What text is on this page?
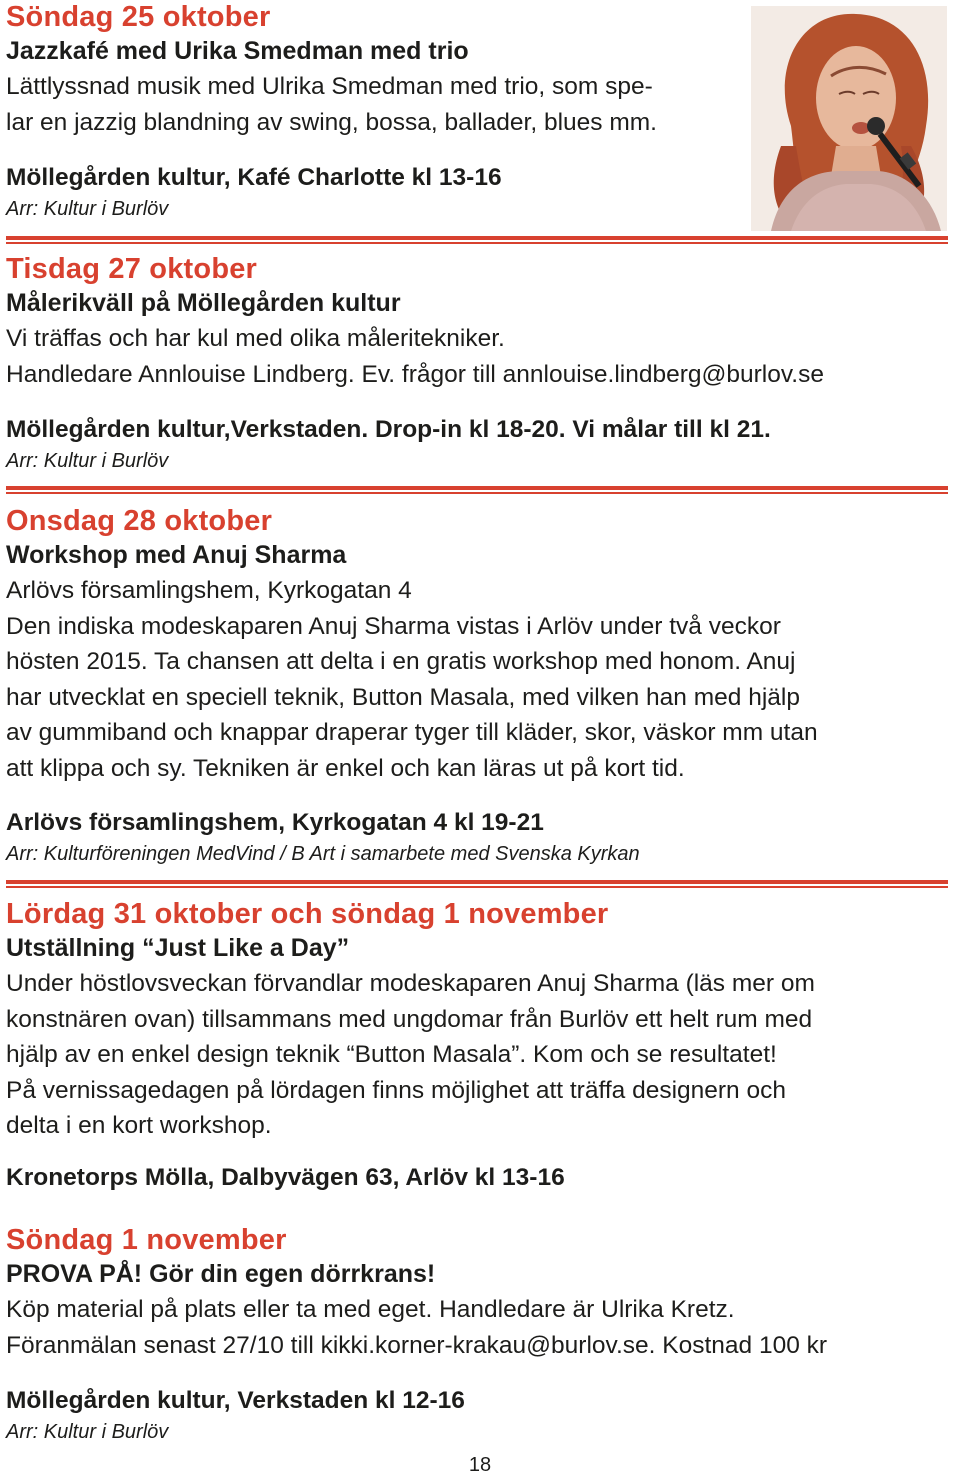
Söndag 25 oktober
Jazzkafé med Urika Smedman med trio
Lättlyssnad musik med Ulrika Smedman med trio, som spe-
lar en jazzig blandning av swing, bossa, ballader, blues mm.
Möllegården kultur, Kafé Charlotte kl 13-16
Arr: Kultur i Burlöv
Tisdag 27 oktober
Målerikväll på Möllegården kultur
Vi träffas och har kul med olika måleritekniker.
Handledare Annlouise Lindberg. Ev. frågor till annlouise.lindberg@burlov.se
Möllegården kultur,Verkstaden. Drop-in kl 18-20. Vi målar till kl 21.
Arr: Kultur i Burlöv
Onsdag 28 oktober
Workshop med Anuj Sharma
Arlövs församlingshem, Kyrkogatan 4
Den indiska modeskaparen Anuj Sharma vistas i Arlöv under två veckor
hösten 2015. Ta chansen att delta i en gratis workshop med honom. Anuj
har utvecklat en speciell teknik, Button Masala, med vilken han med hjälp
av gummiband och knappar draperar tyger till kläder, skor, väskor mm utan
att klippa och sy. Tekniken är enkel och kan läras ut på kort tid.
Arlövs församlingshem, Kyrkogatan 4 kl 19-21
Arr: Kulturföreningen MedVind / B Art i samarbete med Svenska Kyrkan
Lördag 31 oktober och söndag 1 november
Utställning “Just Like a Day”
Under höstlovsveckan förvandlar modeskaparen Anuj Sharma (läs mer om
konstnären ovan) tillsammans med ungdomar från Burlöv ett helt rum med
hjälp av en enkel design teknik “Button Masala”. Kom och se resultatet!
På vernissagedagen på lördagen finns möjlighet att träffa designern och
delta i en kort workshop.
Kronetorps Mölla, Dalbyvägen 63, Arlöv kl 13-16
Söndag 1 november
PROVA PÅ! Gör din egen dörrkrans!
Köp material på plats eller ta med eget. Handledare är Ulrika Kretz.
Föranmälan senast 27/10 till kikki.korner-krakau@burlov.se. Kostnad 100 kr
Möllegården kultur, Verkstaden kl 12-16
Arr: Kultur i Burlöv
18
